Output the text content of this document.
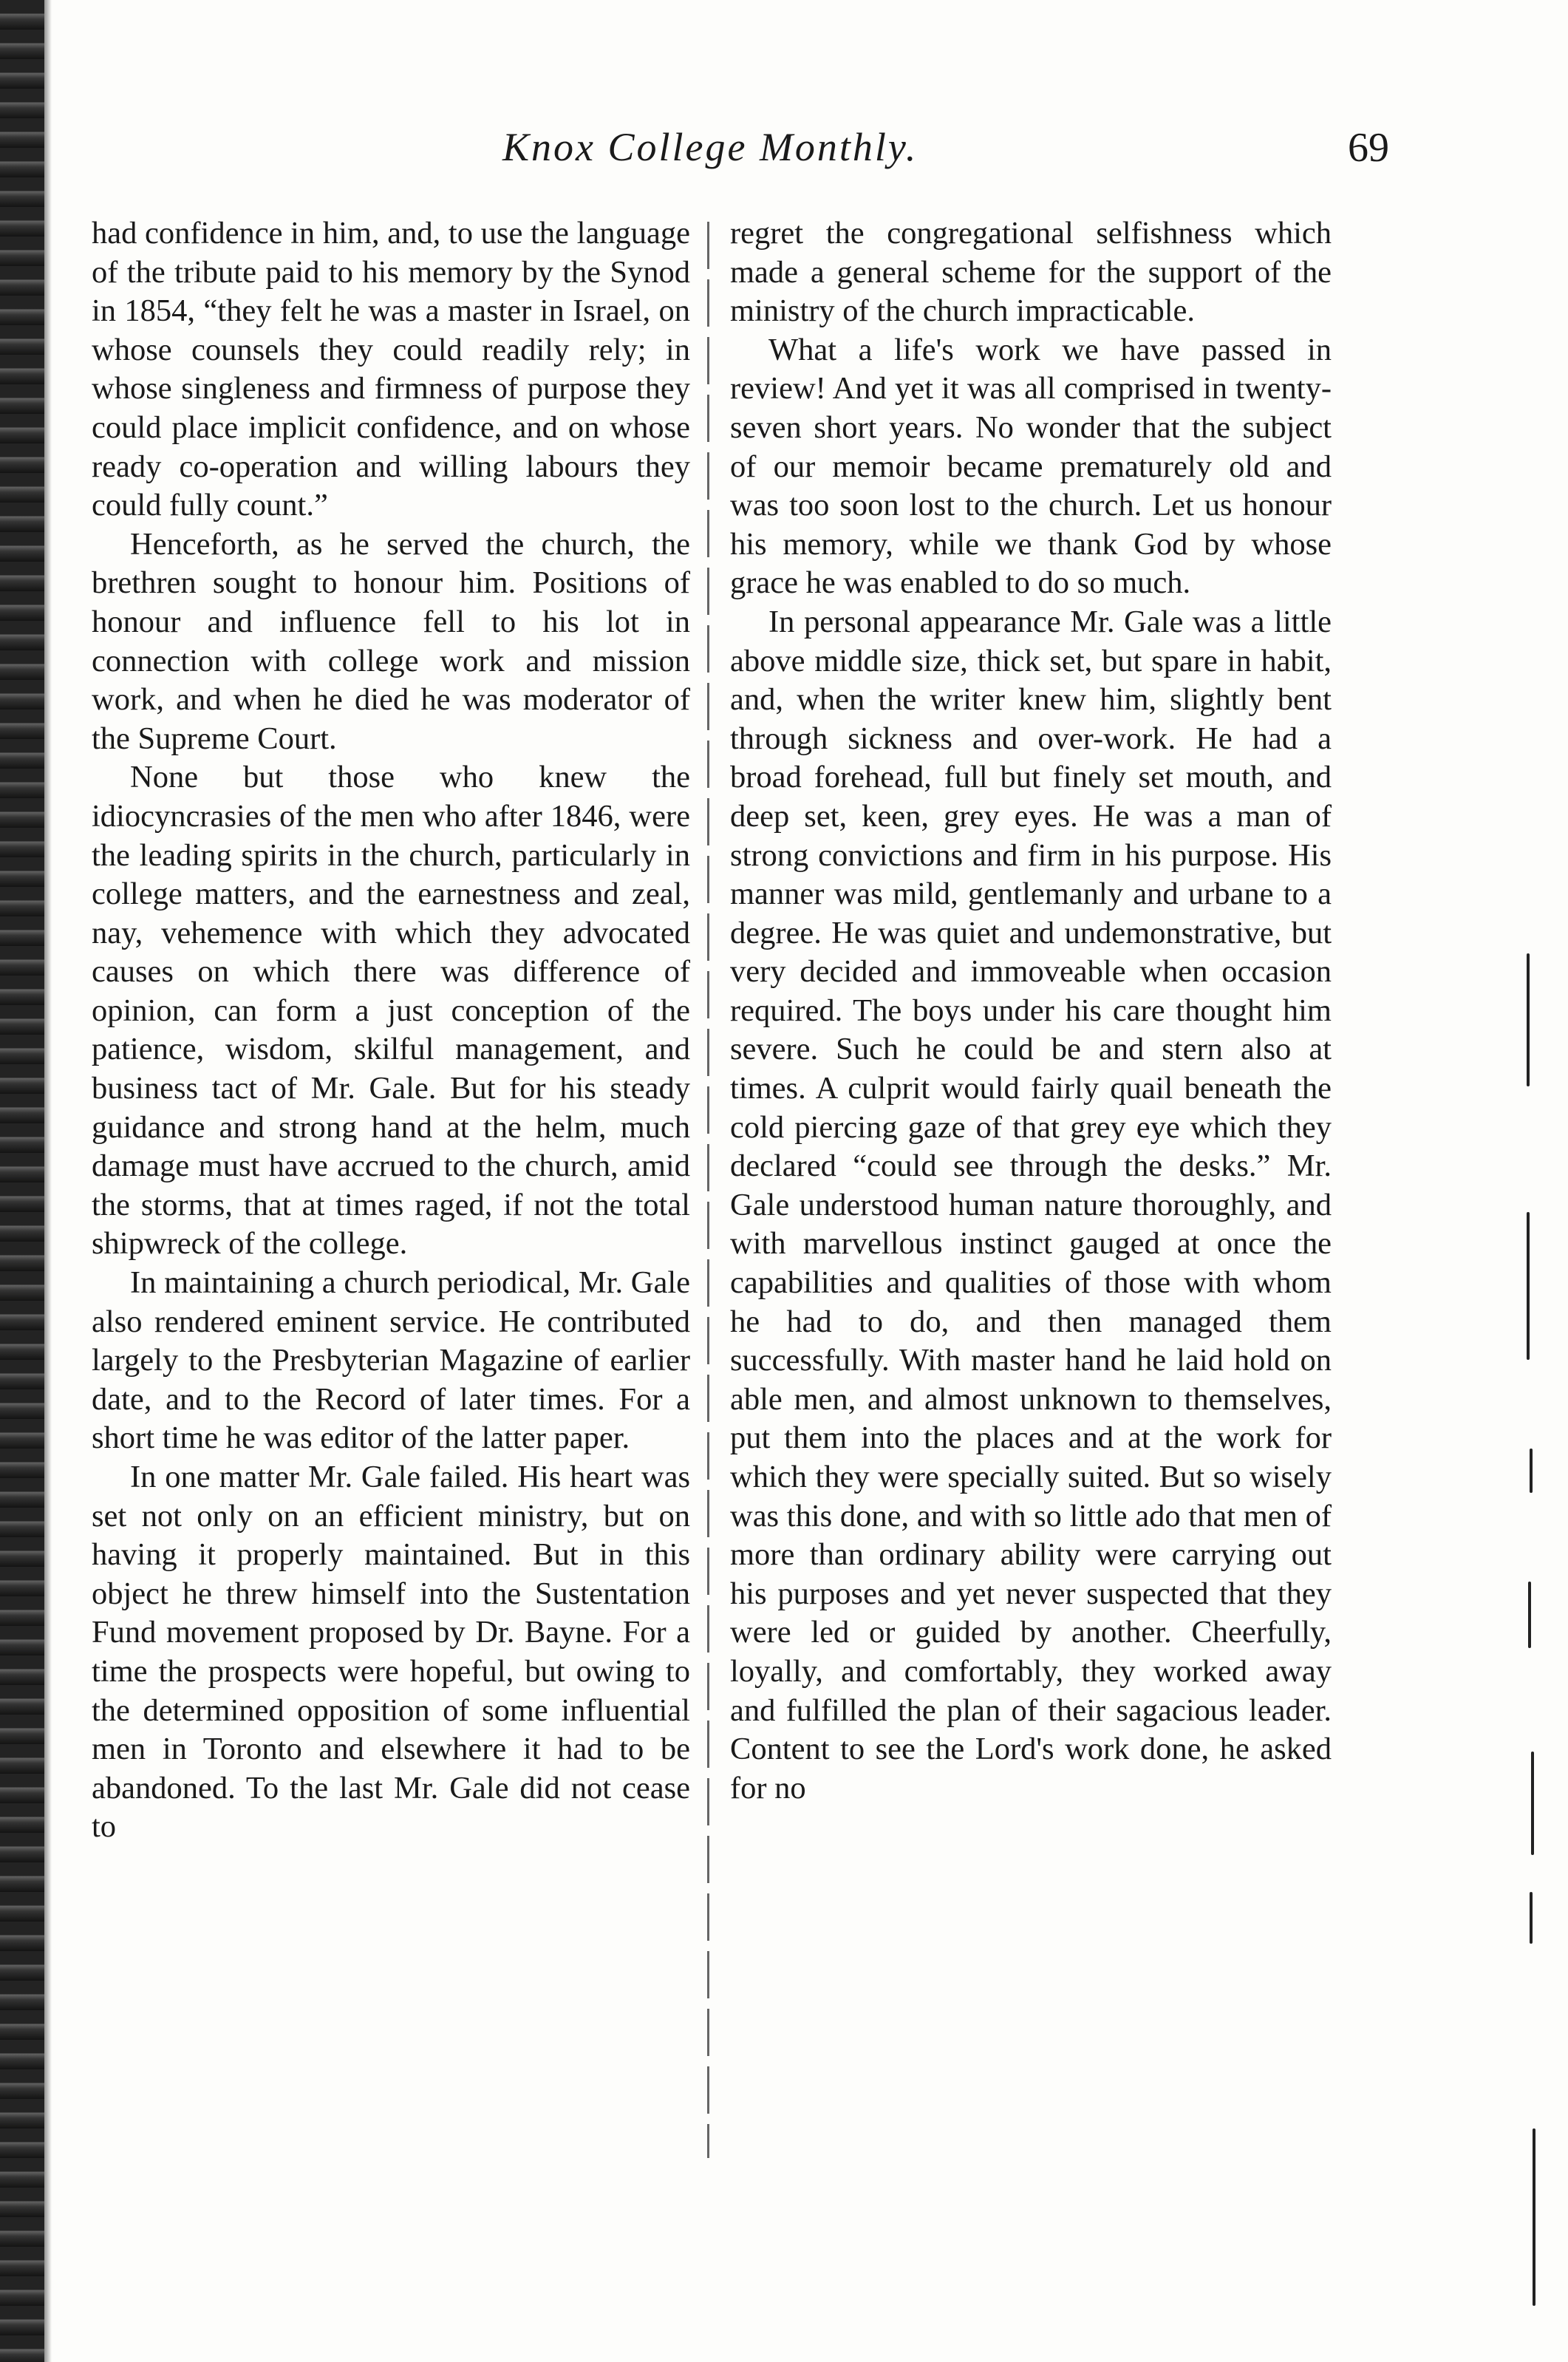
Knox College Monthly.	69

had confidence in him, and, to use the language of the tribute paid to his memory by the Synod in 1854, “they felt he was a master in Israel, on whose counsels they could readily rely; in whose singleness and firmness of purpose they could place implicit confidence, and on whose ready co-operation and willing labours they could fully count.”

Henceforth, as he served the church, the brethren sought to honour him. Positions of honour and influence fell to his lot in connection with college work and mission work, and when he died he was moderator of the Supreme Court.

None but those who knew the idiocyncrasies of the men who after 1846, were the leading spirits in the church, particularly in college matters, and the earnestness and zeal, nay, vehemence with which they advocated causes on which there was difference of opinion, can form a just conception of the patience, wisdom, skilful management, and business tact of Mr. Gale. But for his steady guidance and strong hand at the helm, much damage must have accrued to the church, amid the storms, that at times raged, if not the total shipwreck of the college.

In maintaining a church periodical, Mr. Gale also rendered eminent service. He contributed largely to the Presbyterian Magazine of earlier date, and to the Record of later times. For a short time he was editor of the latter paper.

In one matter Mr. Gale failed. His heart was set not only on an efficient ministry, but on having it properly maintained. But in this object he threw himself into the Sustentation Fund movement proposed by Dr. Bayne. For a time the prospects were hopeful, but owing to the determined opposition of some influential men in Toronto and elsewhere it had to be abandoned. To the last Mr. Gale did not cease to

regret the congregational selfishness which made a general scheme for the support of the ministry of the church impracticable.

What a life's work we have passed in review! And yet it was all comprised in twenty-seven short years. No wonder that the subject of our memoir became prematurely old and was too soon lost to the church. Let us honour his memory, while we thank God by whose grace he was enabled to do so much.

In personal appearance Mr. Gale was a little above middle size, thick set, but spare in habit, and, when the writer knew him, slightly bent through sickness and over-work. He had a broad forehead, full but finely set mouth, and deep set, keen, grey eyes. He was a man of strong convictions and firm in his purpose. His manner was mild, gentlemanly and urbane to a degree. He was quiet and undemonstrative, but very decided and immoveable when occasion required. The boys under his care thought him severe. Such he could be and stern also at times. A culprit would fairly quail beneath the cold piercing gaze of that grey eye which they declared “could see through the desks.” Mr. Gale understood human nature thoroughly, and with marvellous instinct gauged at once the capabilities and qualities of those with whom he had to do, and then managed them successfully. With master hand he laid hold on able men, and almost unknown to themselves, put them into the places and at the work for which they were specially suited. But so wisely was this done, and with so little ado that men of more than ordinary ability were carrying out his purposes and yet never suspected that they were led or guided by another. Cheerfully, loyally, and comfortably, they worked away and fulfilled the plan of their sagacious leader. Content to see the Lord's work done, he asked for no
